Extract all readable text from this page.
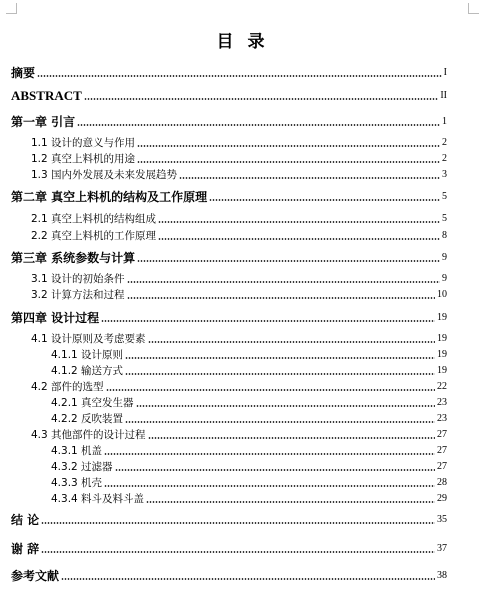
目 录
摘要	I
ABSTRACT	II
第一章 引言	1
1.1 设计的意义与作用	2
1.2 真空上料机的用途	2
1.3 国内外发展及未来发展趋势	3
第二章 真空上料机的结构及工作原理	5
2.1 真空上料机的结构组成	5
2.2 真空上料机的工作原理	8
第三章 系统参数与计算	9
3.1 设计的初始条件	9
3.2 计算方法和过程	10
第四章 设计过程	19
4.1 设计原则及考虑要素	19
4.1.1 设计原则	19
4.1.2 输送方式	19
4.2 部件的选型	22
4.2.1 真空发生器	23
4.2.2 反吹装置	23
4.3 其他部件的设计过程	27
4.3.1 机盖	27
4.3.2 过滤器	27
4.3.3 机壳	28
4.3.4 料斗及料斗盖	29
结 论	35
谢 辞	37
参考文献	38
